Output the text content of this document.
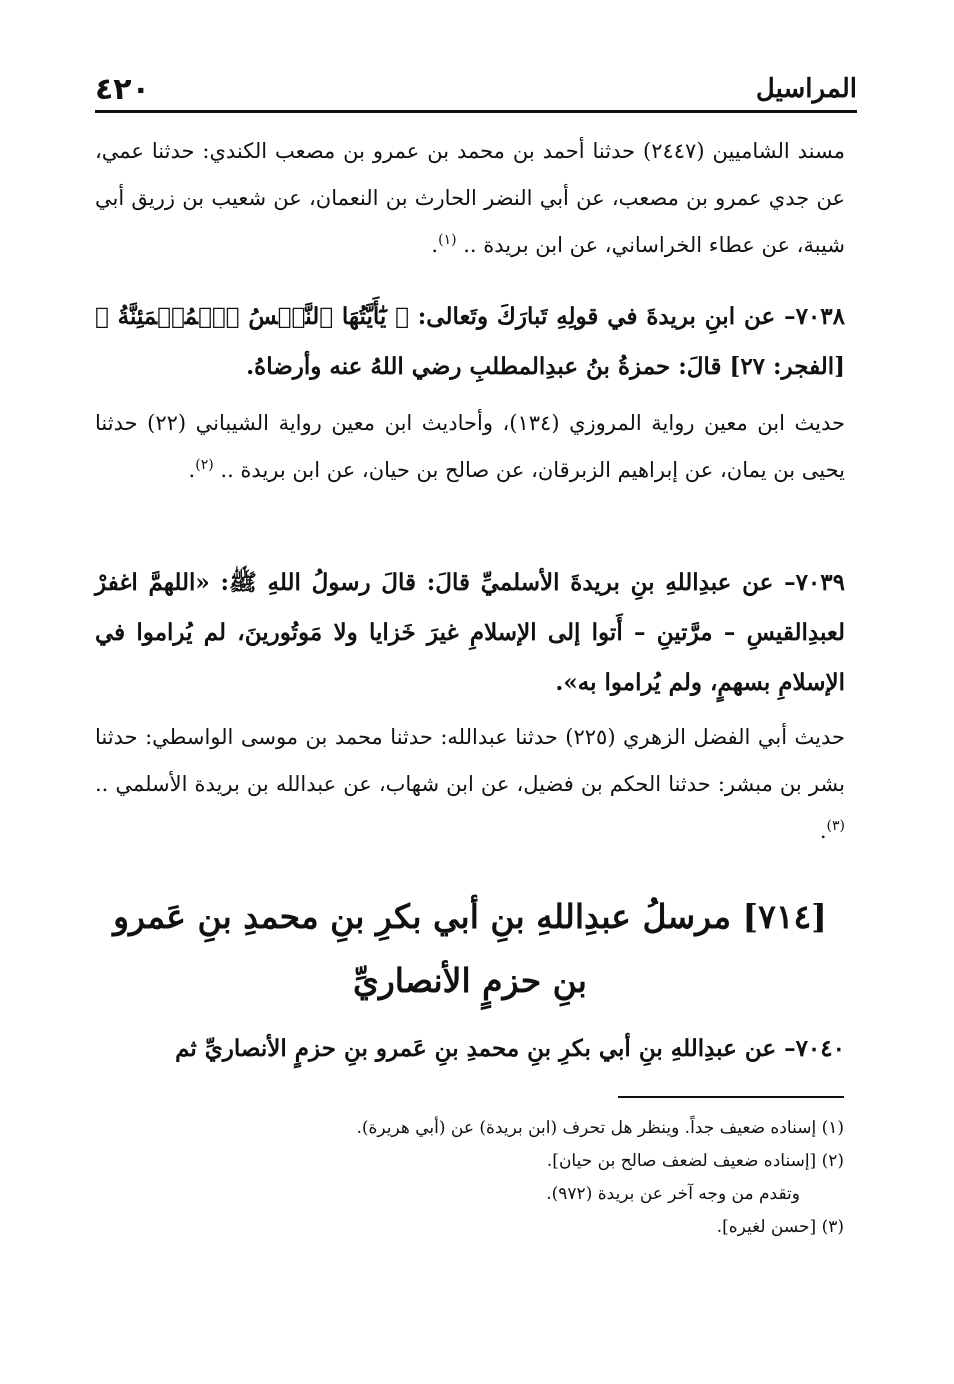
المراسيل
٤٢٠

مسند الشاميين (٢٤٤٧) حدثنا أحمد بن محمد بن عمرو بن مصعب الكندي: حدثنا عمي، عن جدي عمرو بن مصعب، عن أبي النضر الحارث بن النعمان، عن شعيب بن زريق أبي شيبة، عن عطاء الخراساني، عن ابن بريدة .. $^{(١)}$.

٧٠٣٨– عن ابنِ بريدةَ في قولِهِ تَبارَكَ وتَعالى: ﴿ يَٰٓأَيَّتُهَا ٱلنَّفۡسُ ٱلۡمُطۡمَئِنَّةُ ﴾ [الفجر: ٢٧] قالَ: حمزةُ بنُ عبدِالمطلبِ رضي اللهُ عنه وأرضاهُ.

حديث ابن معين رواية المروزي (١٣٤)، وأحاديث ابن معين رواية الشيباني (٢٢) حدثنا يحيى بن يمان، عن إبراهيم الزبرقان، عن صالح بن حيان، عن ابن بريدة .. $^{(٢)}$.

٧٠٣٩– عن عبدِاللهِ بنِ بريدةَ الأسلميِّ قالَ: قالَ رسولُ اللهِ ﷺ: «اللهمَّ اغفرْ لعبدِالقيسِ – مرَّتينِ – أَتوا إلى الإسلامِ غيرَ خَزايا ولا مَوتُورينَ، لم يُراموا في الإسلامِ بسهمٍ، ولم يُراموا به».

حديث أبي الفضل الزهري (٢٢٥) حدثنا عبدالله: حدثنا محمد بن موسى الواسطي: حدثنا بشر بن مبشر: حدثنا الحكم بن فضيل، عن ابن شهاب، عن عبدالله بن بريدة الأسلمي .. $^{(٣)}$.

[٧١٤] مرسلُ عبدِاللهِ بنِ أبي بكرِ بنِ محمدِ بنِ عَمرو بنِ حزمٍ الأنصاريِّ

٧٠٤٠– عن عبدِاللهِ بنِ أبي بكرِ بنِ محمدِ بنِ عَمرو بنِ حزمٍ الأنصاريِّ ثم

(١) إسناده ضعيف جداً. وينظر هل تحرف (ابن بريدة) عن (أبي هريرة).
(٢) [إسناده ضعيف لضعف صالح بن حيان].
وتقدم من وجه آخر عن بريدة (٩٧٢).
(٣) [حسن لغيره].
